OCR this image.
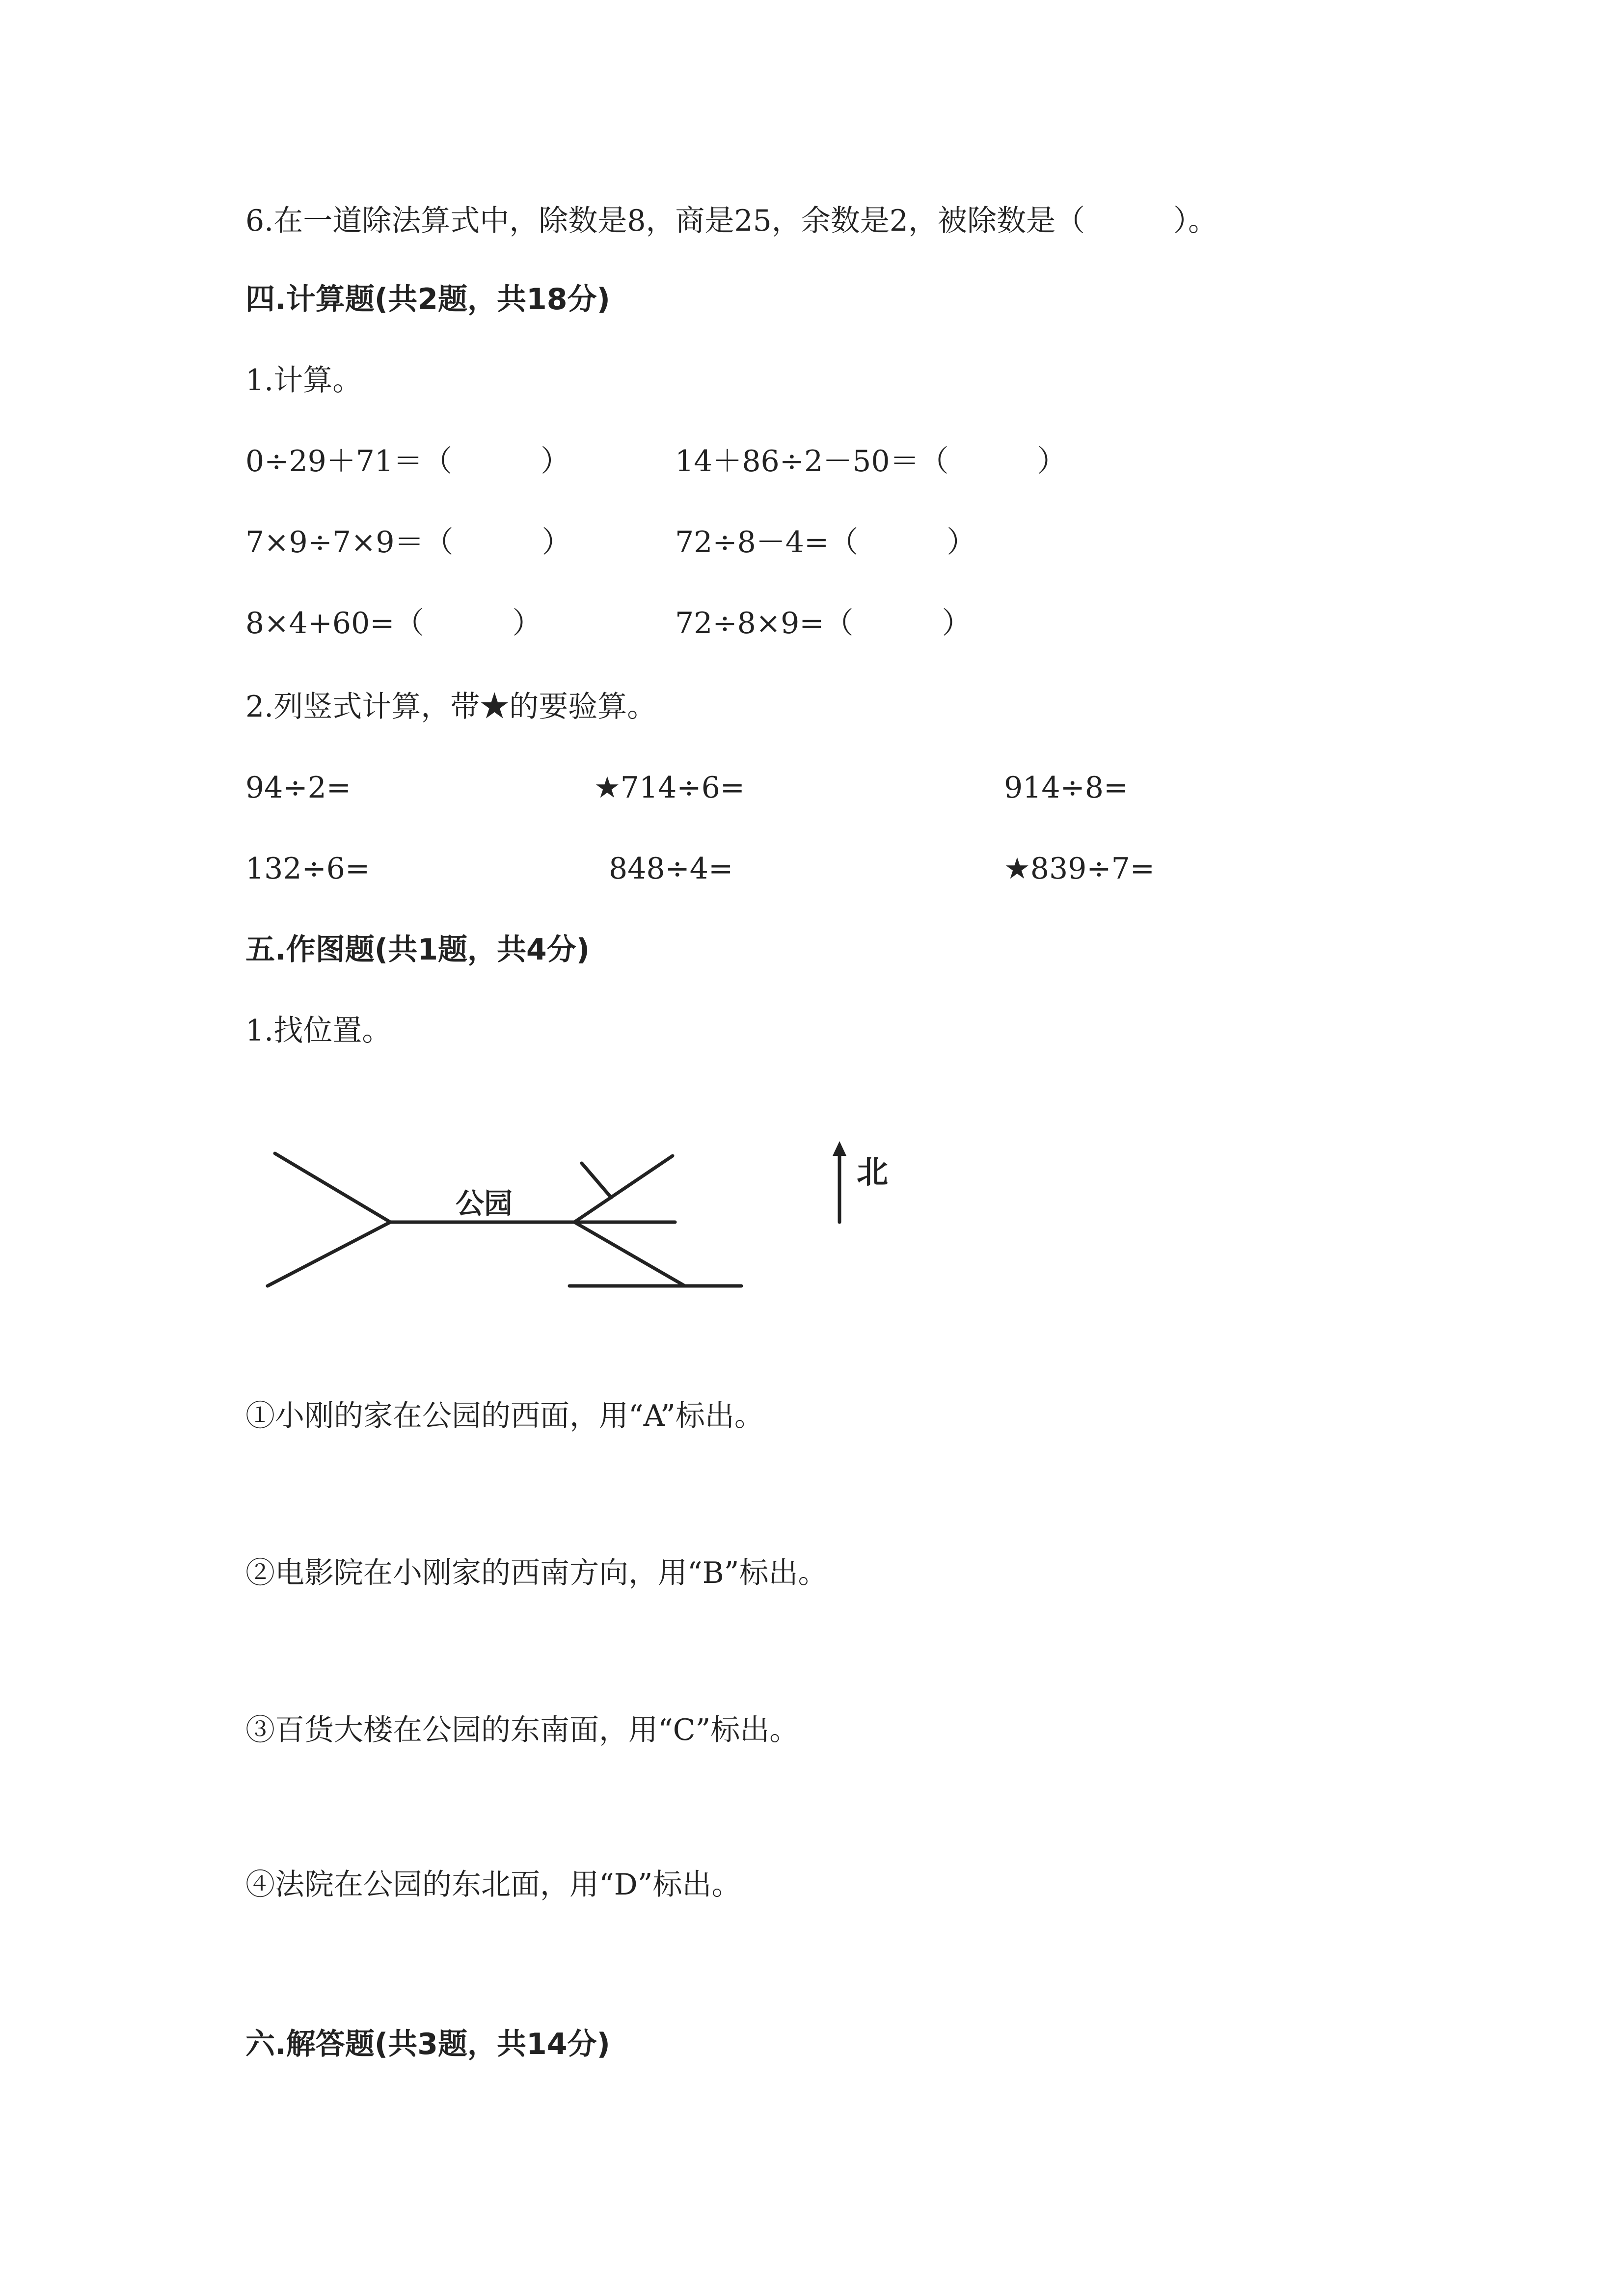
6.在一道除法算式中，除数是8，商是25，余数是2，被除数是（　　　）。
四.计算题(共2题，共18分)
1.计算。
0÷29＋71＝（　　　）	14＋86÷2－50＝（　　　）
7×9÷7×9＝（　　　）	72÷8－4=（　　　）
8×4+60=（　　　）	72÷8×9=（　　　）
2.列竖式计算，带★的要验算。
94÷2=	★714÷6=	914÷8=
132÷6=	848÷4=	★839÷7=
五.作图题(共1题，共4分)
1.找位置。
公园
北
①小刚的家在公园的西面，用“A”标出。
②电影院在小刚家的西南方向，用“B”标出。
③百货大楼在公园的东南面，用“C”标出。
④法院在公园的东北面，用“D”标出。
六.解答题(共3题，共14分)
